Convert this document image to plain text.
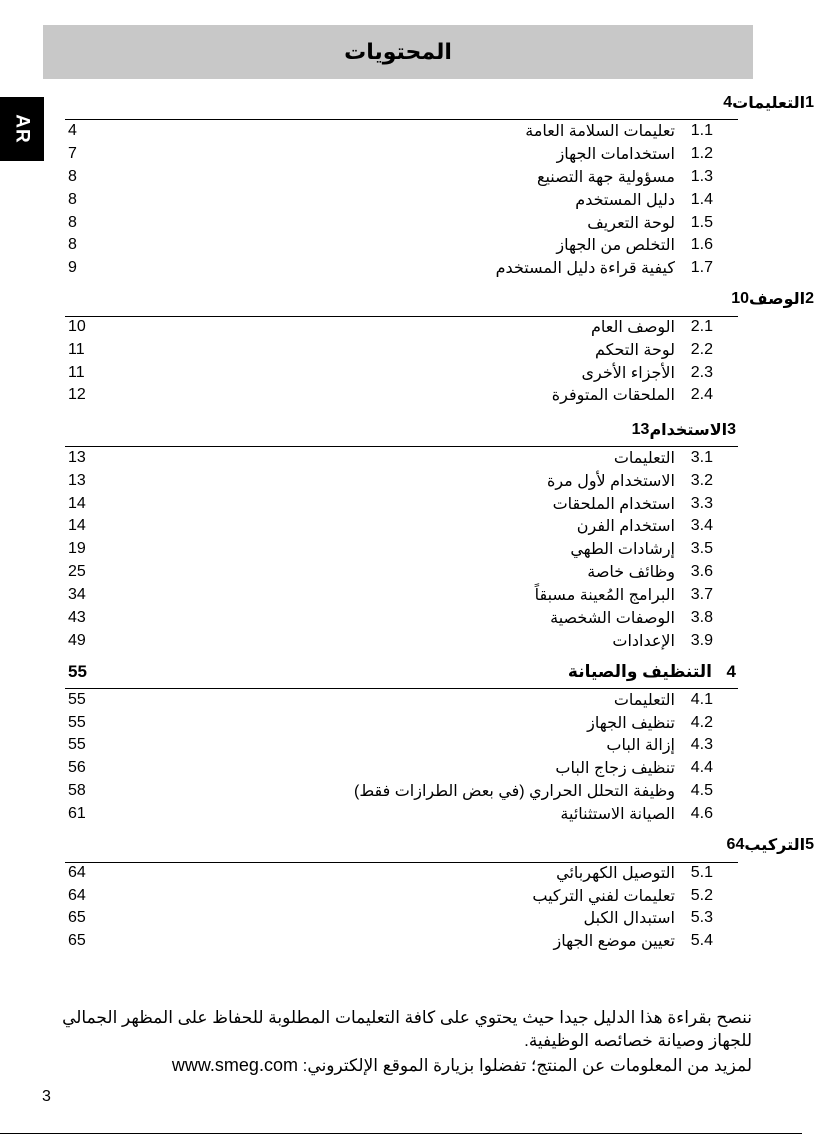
المحتويات
AR
4 التعليمات 1
4	تعليمات السلامة العامة 1.1
7	استخدامات الجهاز 1.2
8	مسؤولية جهة التصنيع 1.3
8	دليل المستخدم 1.4
8	لوحة التعريف 1.5
8	التخلص من الجهاز 1.6
9	كيفية قراءة دليل المستخدم 1.7
10 الوصف 2
10	الوصف العام 2.1
11	لوحة التحكم 2.2
11	الأجزاء الأخرى 2.3
12	الملحقات المتوفرة 2.4
13 الاستخدام 3
13	التعليمات 3.1
13	الاستخدام لأول مرة 3.2
14	استخدام الملحقات 3.3
14	استخدام الفرن 3.4
19	إرشادات الطهي 3.5
25	وظائف خاصة 3.6
34	البرامج المُعينة مسبقاً 3.7
43	الوصفات الشخصية 3.8
49	الإعدادات 3.9
55	التنظيف والصيانة 4
55	التعليمات 4.1
55	تنظيف الجهاز 4.2
55	إزالة الباب 4.3
56	تنظيف زجاج الباب 4.4
58	وظيفة التحلل الحراري (في بعض الطرازات فقط) 4.5
61	الصيانة الاستثنائية 4.6
64 التركيب 5
64	التوصيل الكهربائي 5.1
64	تعليمات لفني التركيب 5.2
65	استبدال الكبل 5.3
65	تعيين موضع الجهاز 5.4
ننصح بقراءة هذا الدليل جيدا حيث يحتوي على كافة التعليمات المطلوبة للحفاظ على المظهر الجمالي للجهاز وصيانة خصائصه الوظيفية.
لمزيد من المعلومات عن المنتج؛ تفضلوا بزيارة الموقع الإلكتروني: www.smeg.com
3
